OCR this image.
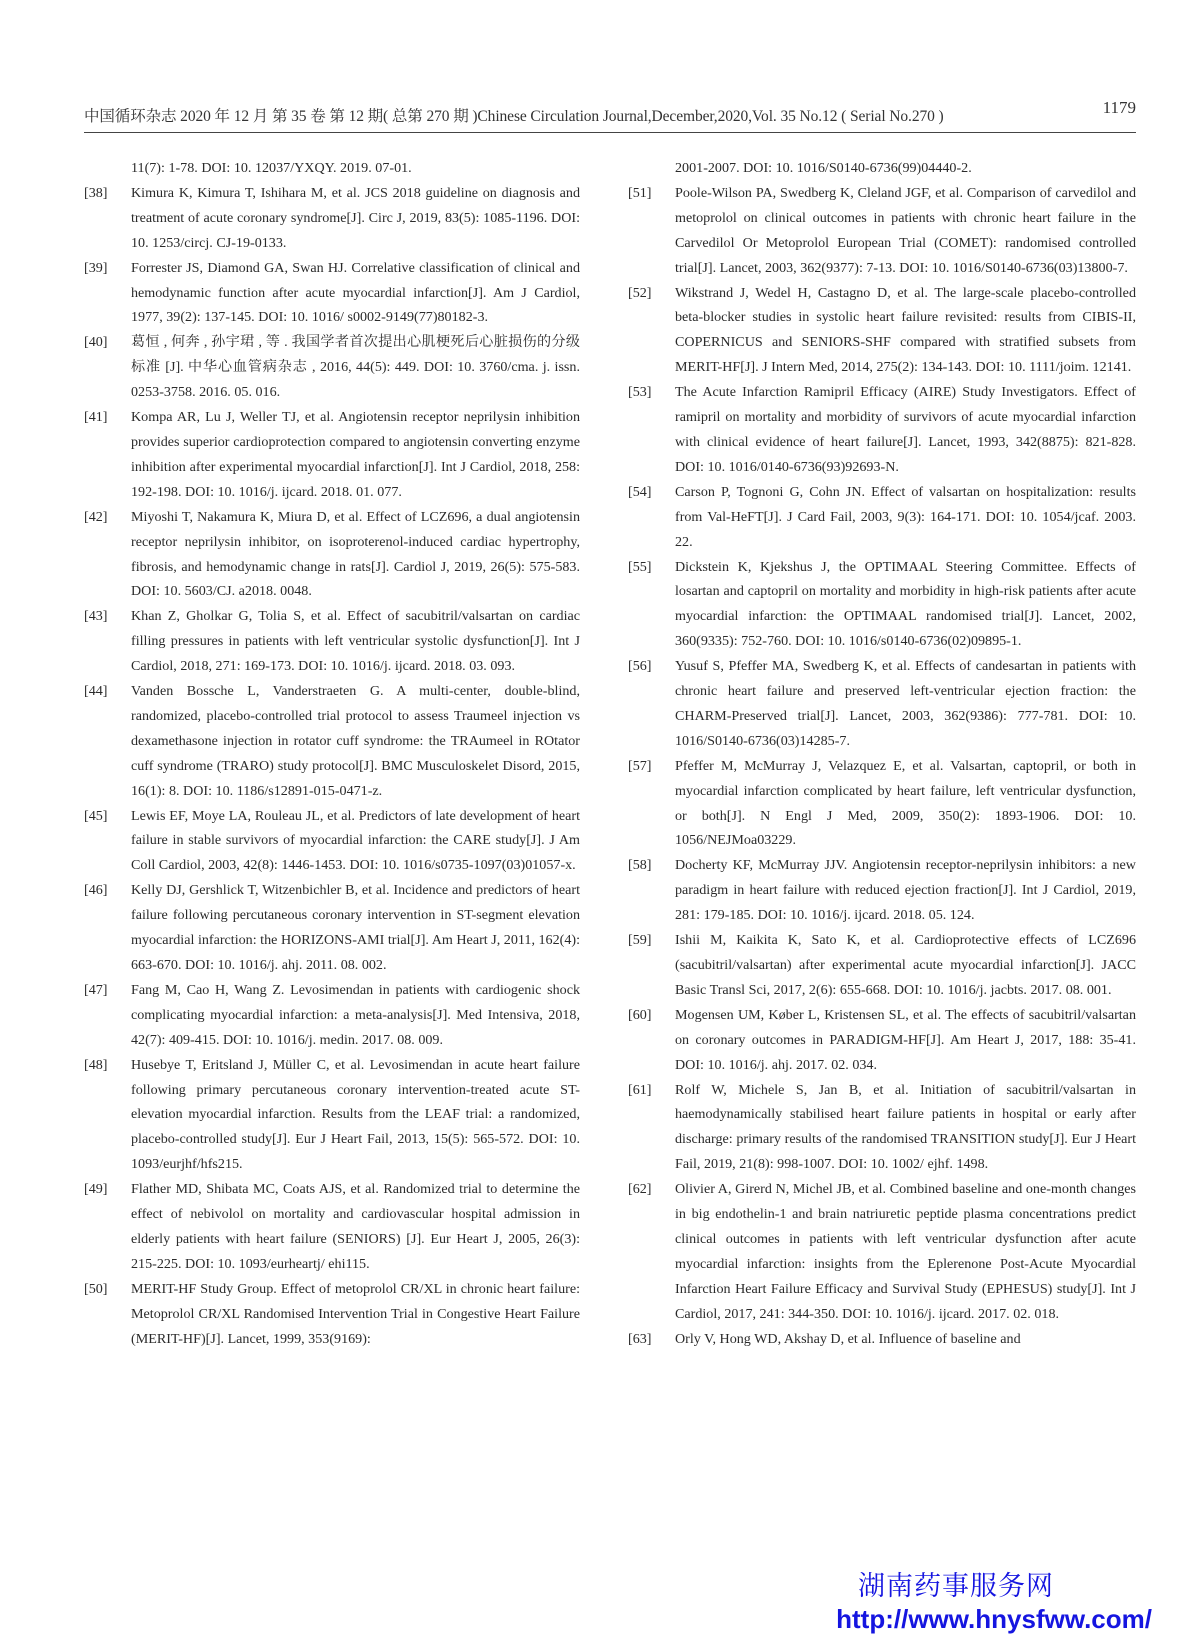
中国循环杂志 2020 年 12 月 第 35 卷 第 12 期( 总第 270 期 )Chinese Circulation Journal,December,2020,Vol. 35 No.12 ( Serial No.270 )	1179
11(7): 1-78. DOI: 10. 12037/YXQY. 2019. 07-01.
[38] Kimura K, Kimura T, Ishihara M, et al. JCS 2018 guideline on diagnosis and treatment of acute coronary syndrome[J]. Circ J, 2019, 83(5): 1085-1196. DOI: 10. 1253/circj. CJ-19-0133.
[39] Forrester JS, Diamond GA, Swan HJ. Correlative classification of clinical and hemodynamic function after acute myocardial infarction[J]. Am J Cardiol, 1977, 39(2): 137-145. DOI: 10. 1016/ s0002-9149(77)80182-3.
[40] 葛恒 , 何奔 , 孙宇珺 , 等 . 我国学者首次提出心肌梗死后心脏损伤的分级标准 [J]. 中华心血管病杂志 , 2016, 44(5): 449. DOI: 10. 3760/cma. j. issn. 0253-3758. 2016. 05. 016.
[41] Kompa AR, Lu J, Weller TJ, et al. Angiotensin receptor neprilysin inhibition provides superior cardioprotection compared to angiotensin converting enzyme inhibition after experimental myocardial infarction[J]. Int J Cardiol, 2018, 258: 192-198. DOI: 10. 1016/j. ijcard. 2018. 01. 077.
[42] Miyoshi T, Nakamura K, Miura D, et al. Effect of LCZ696, a dual angiotensin receptor neprilysin inhibitor, on isoproterenol-induced cardiac hypertrophy, fibrosis, and hemodynamic change in rats[J]. Cardiol J, 2019, 26(5): 575-583. DOI: 10. 5603/CJ. a2018. 0048.
[43] Khan Z, Gholkar G, Tolia S, et al. Effect of sacubitril/valsartan on cardiac filling pressures in patients with left ventricular systolic dysfunction[J]. Int J Cardiol, 2018, 271: 169-173. DOI: 10. 1016/j. ijcard. 2018. 03. 093.
[44] Vanden Bossche L, Vanderstraeten G. A multi-center, double-blind, randomized, placebo-controlled trial protocol to assess Traumeel injection vs dexamethasone injection in rotator cuff syndrome: the TRAumeel in ROtator cuff syndrome (TRARO) study protocol[J]. BMC Musculoskelet Disord, 2015, 16(1): 8. DOI: 10. 1186/s12891-015-0471-z.
[45] Lewis EF, Moye LA, Rouleau JL, et al. Predictors of late development of heart failure in stable survivors of myocardial infarction: the CARE study[J]. J Am Coll Cardiol, 2003, 42(8): 1446-1453. DOI: 10. 1016/s0735-1097(03)01057-x.
[46] Kelly DJ, Gershlick T, Witzenbichler B, et al. Incidence and predictors of heart failure following percutaneous coronary intervention in ST-segment elevation myocardial infarction: the HORIZONS-AMI trial[J]. Am Heart J, 2011, 162(4): 663-670. DOI: 10. 1016/j. ahj. 2011. 08. 002.
[47] Fang M, Cao H, Wang Z. Levosimendan in patients with cardiogenic shock complicating myocardial infarction: a meta-analysis[J]. Med Intensiva, 2018, 42(7): 409-415. DOI: 10. 1016/j. medin. 2017. 08. 009.
[48] Husebye T, Eritsland J, Müller C, et al. Levosimendan in acute heart failure following primary percutaneous coronary intervention-treated acute ST-elevation myocardial infarction. Results from the LEAF trial: a randomized, placebo-controlled study[J]. Eur J Heart Fail, 2013, 15(5): 565-572. DOI: 10. 1093/eurjhf/hfs215.
[49] Flather MD, Shibata MC, Coats AJS, et al. Randomized trial to determine the effect of nebivolol on mortality and cardiovascular hospital admission in elderly patients with heart failure (SENIORS) [J]. Eur Heart J, 2005, 26(3): 215-225. DOI: 10. 1093/eurheartj/ ehi115.
[50] MERIT-HF Study Group. Effect of metoprolol CR/XL in chronic heart failure: Metoprolol CR/XL Randomised Intervention Trial in Congestive Heart Failure (MERIT-HF)[J]. Lancet, 1999, 353(9169):
2001-2007. DOI: 10. 1016/S0140-6736(99)04440-2.
[51] Poole-Wilson PA, Swedberg K, Cleland JGF, et al. Comparison of carvedilol and metoprolol on clinical outcomes in patients with chronic heart failure in the Carvedilol Or Metoprolol European Trial (COMET): randomised controlled trial[J]. Lancet, 2003, 362(9377): 7-13. DOI: 10. 1016/S0140-6736(03)13800-7.
[52] Wikstrand J, Wedel H, Castagno D, et al. The large-scale placebo-controlled beta-blocker studies in systolic heart failure revisited: results from CIBIS-II, COPERNICUS and SENIORS-SHF compared with stratified subsets from MERIT-HF[J]. J Intern Med, 2014, 275(2): 134-143. DOI: 10. 1111/joim. 12141.
[53] The Acute Infarction Ramipril Efficacy (AIRE) Study Investigators. Effect of ramipril on mortality and morbidity of survivors of acute myocardial infarction with clinical evidence of heart failure[J]. Lancet, 1993, 342(8875): 821-828. DOI: 10. 1016/0140-6736(93)92693-N.
[54] Carson P, Tognoni G, Cohn JN. Effect of valsartan on hospitalization: results from Val-HeFT[J]. J Card Fail, 2003, 9(3): 164-171. DOI: 10. 1054/jcaf. 2003. 22.
[55] Dickstein K, Kjekshus J, the OPTIMAAL Steering Committee. Effects of losartan and captopril on mortality and morbidity in high-risk patients after acute myocardial infarction: the OPTIMAAL randomised trial[J]. Lancet, 2002, 360(9335): 752-760. DOI: 10. 1016/s0140-6736(02)09895-1.
[56] Yusuf S, Pfeffer MA, Swedberg K, et al. Effects of candesartan in patients with chronic heart failure and preserved left-ventricular ejection fraction: the CHARM-Preserved trial[J]. Lancet, 2003, 362(9386): 777-781. DOI: 10. 1016/S0140-6736(03)14285-7.
[57] Pfeffer M, McMurray J, Velazquez E, et al. Valsartan, captopril, or both in myocardial infarction complicated by heart failure, left ventricular dysfunction, or both[J]. N Engl J Med, 2009, 350(2): 1893-1906. DOI: 10. 1056/NEJMoa03229.
[58] Docherty KF, McMurray JJV. Angiotensin receptor-neprilysin inhibitors: a new paradigm in heart failure with reduced ejection fraction[J]. Int J Cardiol, 2019, 281: 179-185. DOI: 10. 1016/j. ijcard. 2018. 05. 124.
[59] Ishii M, Kaikita K, Sato K, et al. Cardioprotective effects of LCZ696 (sacubitril/valsartan) after experimental acute myocardial infarction[J]. JACC Basic Transl Sci, 2017, 2(6): 655-668. DOI: 10. 1016/j. jacbts. 2017. 08. 001.
[60] Mogensen UM, Køber L, Kristensen SL, et al. The effects of sacubitril/valsartan on coronary outcomes in PARADIGM-HF[J]. Am Heart J, 2017, 188: 35-41. DOI: 10. 1016/j. ahj. 2017. 02. 034.
[61] Rolf W, Michele S, Jan B, et al. Initiation of sacubitril/valsartan in haemodynamically stabilised heart failure patients in hospital or early after discharge: primary results of the randomised TRANSITION study[J]. Eur J Heart Fail, 2019, 21(8): 998-1007. DOI: 10. 1002/ ejhf. 1498.
[62] Olivier A, Girerd N, Michel JB, et al. Combined baseline and one-month changes in big endothelin-1 and brain natriuretic peptide plasma concentrations predict clinical outcomes in patients with left ventricular dysfunction after acute myocardial infarction: insights from the Eplerenone Post-Acute Myocardial Infarction Heart Failure Efficacy and Survival Study (EPHESUS) study[J]. Int J Cardiol, 2017, 241: 344-350. DOI: 10. 1016/j. ijcard. 2017. 02. 018.
[63] Orly V, Hong WD, Akshay D, et al. Influence of baseline and
湖南药事服务网
http://www.hnysfww.com/
